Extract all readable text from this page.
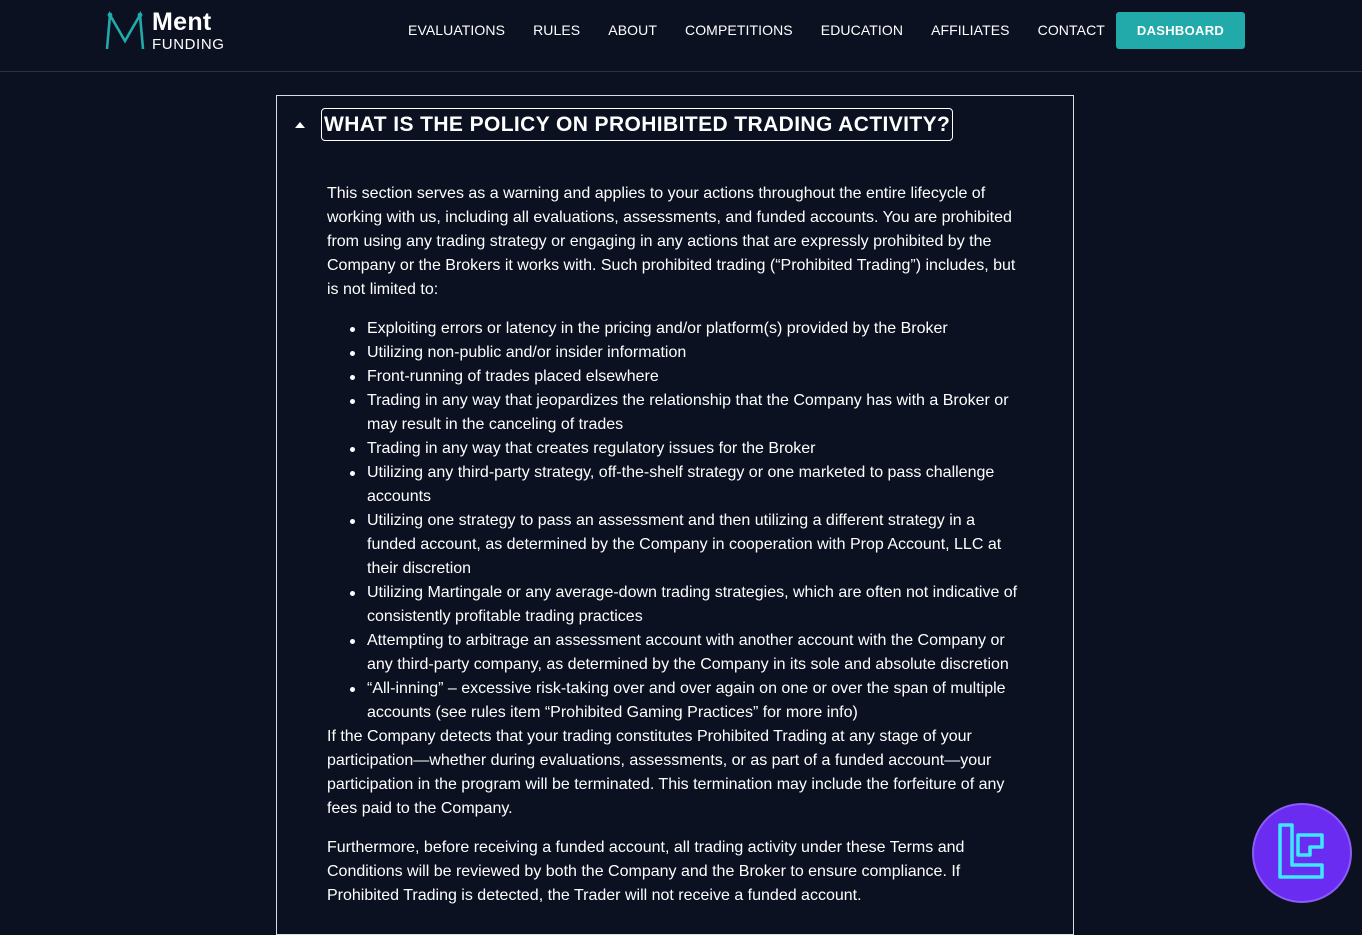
Ment
FUNDING
EVALUATIONS	RULES	ABOUT	COMPETITIONS	EDUCATION	AFFILIATES	CONTACT	DASHBOARD
WHAT IS THE POLICY ON PROHIBITED TRADING ACTIVITY?

This section serves as a warning and applies to your actions throughout the entire lifecycle of working with us, including all evaluations, assessments, and funded accounts. You are prohibited from using any trading strategy or engaging in any actions that are expressly prohibited by the Company or the Brokers it works with. Such prohibited trading (“Prohibited Trading”) includes, but is not limited to:

Exploiting errors or latency in the pricing and/or platform(s) provided by the Broker
Utilizing non-public and/or insider information
Front-running of trades placed elsewhere
Trading in any way that jeopardizes the relationship that the Company has with a Broker or may result in the canceling of trades
Trading in any way that creates regulatory issues for the Broker
Utilizing any third-party strategy, off-the-shelf strategy or one marketed to pass challenge accounts
Utilizing one strategy to pass an assessment and then utilizing a different strategy in a funded account, as determined by the Company in cooperation with Prop Account, LLC at their discretion
Utilizing Martingale or any average-down trading strategies, which are often not indicative of consistently profitable trading practices
Attempting to arbitrage an assessment account with another account with the Company or any third-party company, as determined by the Company in its sole and absolute discretion
“All-inning” – excessive risk-taking over and over again on one or over the span of multiple accounts (see rules item “Prohibited Gaming Practices” for more info)

If the Company detects that your trading constitutes Prohibited Trading at any stage of your participation—whether during evaluations, assessments, or as part of a funded account—your participation in the program will be terminated. This termination may include the forfeiture of any fees paid to the Company.

Furthermore, before receiving a funded account, all trading activity under these Terms and Conditions will be reviewed by both the Company and the Broker to ensure compliance. If Prohibited Trading is detected, the Trader will not receive a funded account.
